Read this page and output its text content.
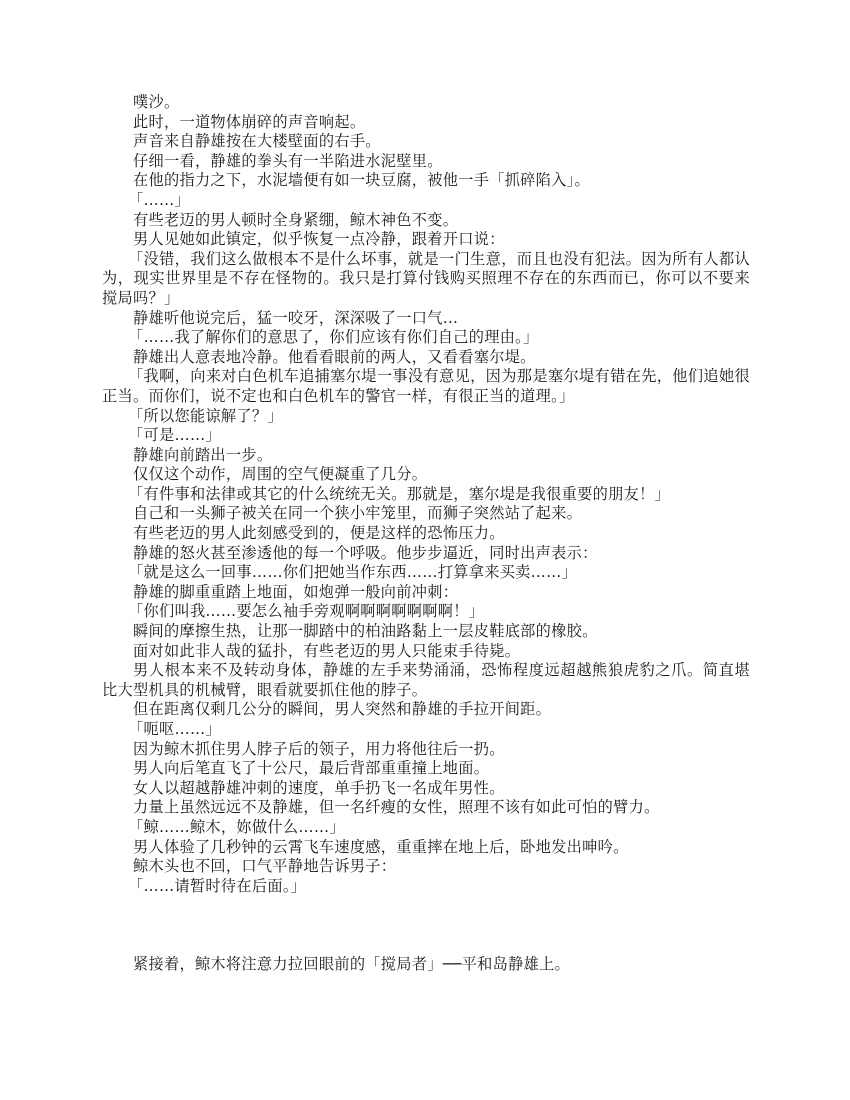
噗沙。

此时，一道物体崩碎的声音响起。

声音来自静雄按在大楼壁面的右手。

仔细一看，静雄的拳头有一半陷进水泥壁里。

在他的指力之下，水泥墙便有如一块豆腐，被他一手「抓碎陷入」。

「……」

有些老迈的男人顿时全身紧绷，鲸木神色不变。

男人见她如此镇定，似乎恢复一点冷静，跟着开口说：

「没错，我们这么做根本不是什么坏事，就是一门生意，而且也没有犯法。因为所有人都认为，现实世界里是不存在怪物的。我只是打算付钱购买照理不存在的东西而已，你可以不要来搅局吗？」

静雄听他说完后，猛一咬牙，深深吸了一口气…

「……我了解你们的意思了，你们应该有你们自己的理由。」

静雄出人意表地冷静。他看看眼前的两人，又看看塞尔堤。

「我啊，向来对白色机车追捕塞尔堤一事没有意见，因为那是塞尔堤有错在先，他们追她很正当。而你们，说不定也和白色机车的警官一样，有很正当的道理。」

「所以您能谅解了？」

「可是……」

静雄向前踏出一步。

仅仅这个动作，周围的空气便凝重了几分。

「有件事和法律或其它的什么统统无关。那就是，塞尔堤是我很重要的朋友！」

自己和一头狮子被关在同一个狭小牢笼里，而狮子突然站了起来。

有些老迈的男人此刻感受到的，便是这样的恐怖压力。

静雄的怒火甚至渗透他的每一个呼吸。他步步逼近，同时出声表示：

「就是这么一回事……你们把她当作东西……打算拿来买卖……」

静雄的脚重重踏上地面，如炮弹一般向前冲刺：

「你们叫我……要怎么袖手旁观啊啊啊啊啊啊啊！」

瞬间的摩擦生热，让那一脚踏中的柏油路黏上一层皮鞋底部的橡胶。

面对如此非人哉的猛扑，有些老迈的男人只能束手待毙。

男人根本来不及转动身体，静雄的左手来势涌涌，恐怖程度远超越熊狼虎豹之爪。简直堪比大型机具的机械臂，眼看就要抓住他的脖子。

但在距离仅剩几公分的瞬间，男人突然和静雄的手拉开间距。

「呃呕……」

因为鲸木抓住男人脖子后的领子，用力将他往后一扔。

男人向后笔直飞了十公尺，最后背部重重撞上地面。

女人以超越静雄冲刺的速度，单手扔飞一名成年男性。

力量上虽然远远不及静雄，但一名纤瘦的女性，照理不该有如此可怕的臂力。

「鲸……鲸木，妳做什么……」

男人体验了几秒钟的云霄飞车速度感，重重摔在地上后，卧地发出呻吟。

鲸木头也不回，口气平静地告诉男子：

「……请暂时待在后面。」

紧接着，鲸木将注意力拉回眼前的「搅局者」──平和岛静雄上。
